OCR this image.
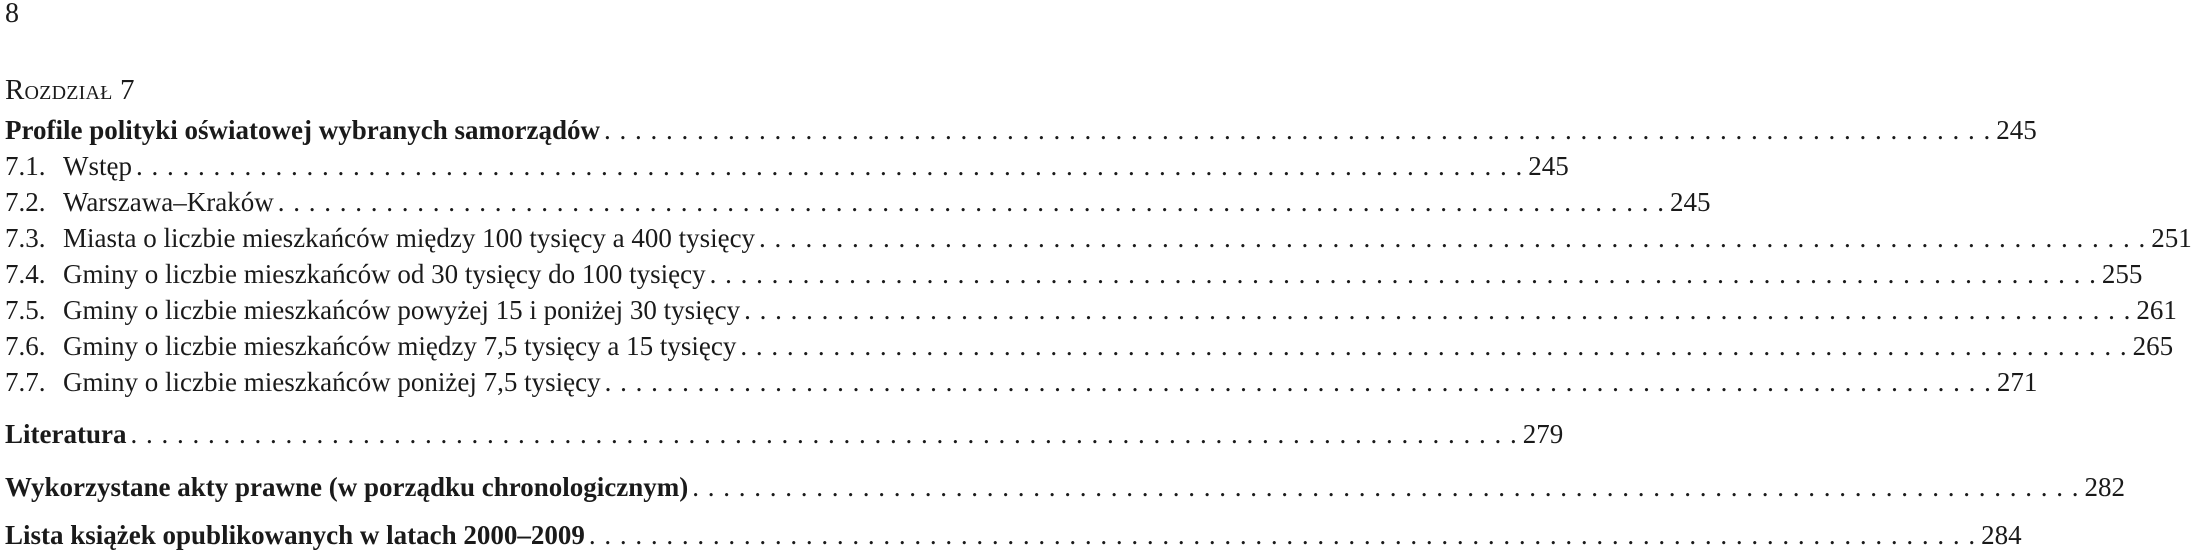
8
Rozdział 7
Profile polityki oświatowej wybranych samorządów . . .	245
7.1. Wstęp . . .	245
7.2. Warszawa–Kraków . . .	245
7.3. Miasta o liczbie mieszkańców między 100 tysięcy a 400 tysięcy . . .	251
7.4. Gminy o liczbie mieszkańców od 30 tysięcy do 100 tysięcy . . .	255
7.5. Gminy o liczbie mieszkańców powyżej 15 i poniżej 30 tysięcy . . .	261
7.6. Gminy o liczbie mieszkańców między 7,5 tysięcy a 15 tysięcy . . .	265
7.7. Gminy o liczbie mieszkańców poniżej 7,5 tysięcy . . .	271
Literatura . . .	279
Wykorzystane akty prawne (w porządku chronologicznym) . . .	282
Lista książek opublikowanych w latach 2000–2009 . . .	284
